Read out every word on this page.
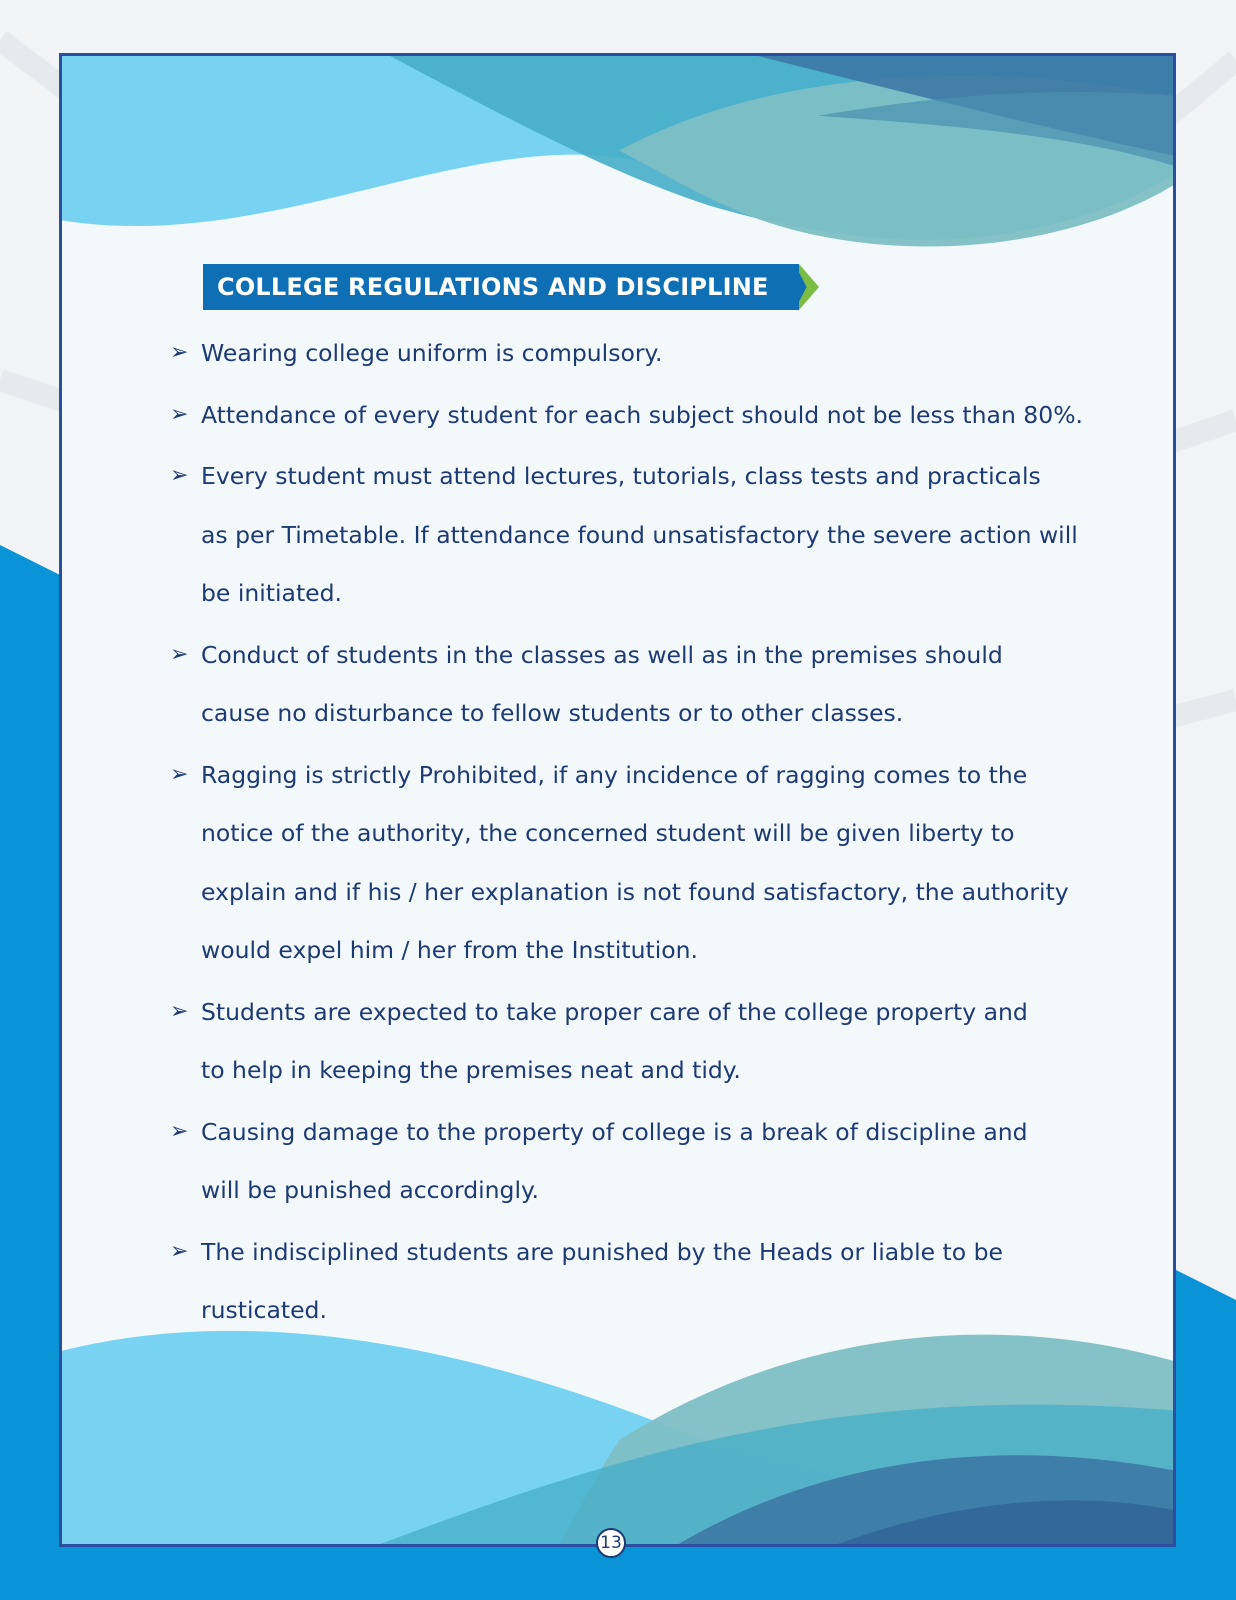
COLLEGE REGULATIONS AND DISCIPLINE
➢ Wearing college uniform is compulsory.
➢ Attendance of every student for each subject should not be less than 80%.
➢ Every student must attend lectures, tutorials, class tests and practicals
as per Timetable. If attendance found unsatisfactory the severe action will
be initiated.
➢ Conduct of students in the classes as well as in the premises should
cause no disturbance to fellow students or to other classes.
➢ Ragging is strictly Prohibited, if any incidence of ragging comes to the
notice of the authority, the concerned student will be given liberty to
explain and if his / her explanation is not found satisfactory, the authority
would expel him / her from the Institution.
➢ Students are expected to take proper care of the college property and
to help in keeping the premises neat and tidy.
➢ Causing damage to the property of college is a break of discipline and
will be punished accordingly.
➢ The indisciplined students are punished by the Heads or liable to be
rusticated.
13
